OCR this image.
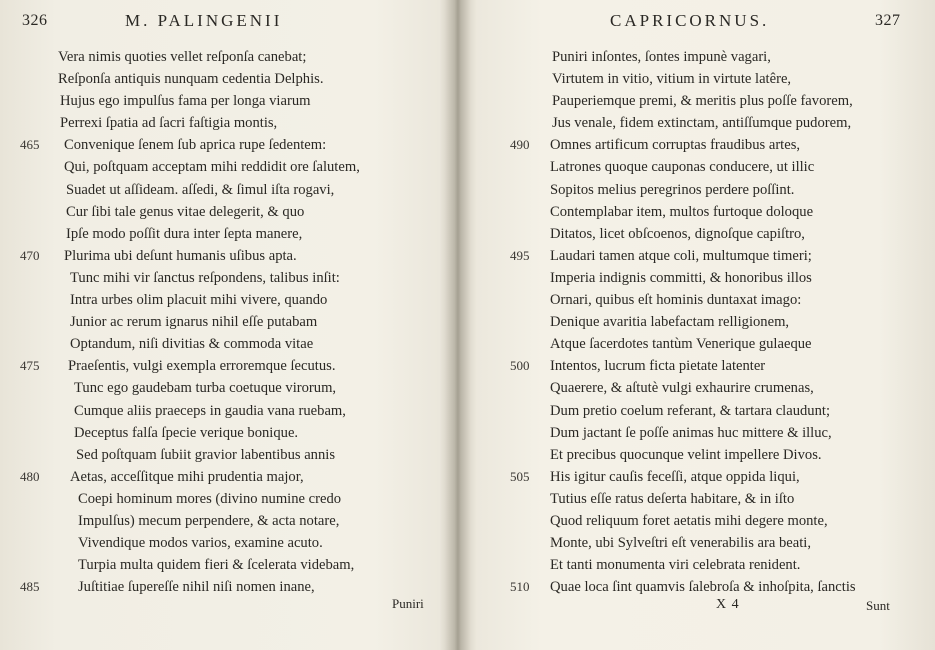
326	M. PALINGENII
Vera nimis quoties vellet reſponſa canebat;
Reſponſa antiquis nunquam cedentia Delphis.
Hujus ego impulſus fama per longa viarum
Perrexi ſpatia ad ſacri faſtigia montis,
465 Convenique ſenem ſub aprica rupe ſedentem:
Qui, poſtquam acceptam mihi reddidit ore ſalutem,
Suadet ut aſſideam. aſſedi, & ſimul iſta rogavi,
Cur ſibi tale genus vitae delegerit, & quo
Ipſe modo poſſit dura inter ſepta manere,
470 Plurima ubi deſunt humanis uſibus apta.
Tunc mihi vir ſanctus reſpondens, talibus inſit:
Intra urbes olim placuit mihi vivere, quando
Junior ac rerum ignarus nihil eſſe putabam
Optandum, niſi divitias & commoda vitae
475 Praeſentis, vulgi exempla erroremque ſecutus.
Tunc ego gaudebam turba coetuque virorum,
Cumque aliis praeceps in gaudia vana ruebam,
Deceptus falſa ſpecie verique bonique.
Sed poſtquam ſubiit gravior labentibus annis
480 Aetas, acceſſitque mihi prudentia major,
Coepi hominum mores (divino numine credo
Impulſus) mecum perpendere, & acta notare,
Vivendique modos varios, examine acuto.
Turpia multa quidem fieri & ſcelerata videbam,
485	Juſtitiae ſupereſſe nihil niſi nomen inane,
Puniri
CAPRICORNUS.	327
Puniri inſontes, ſontes impunè vagari,
Virtutem in vitio, vitium in virtute latêre,
Pauperiemque premi, & meritis plus poſſe favorem,
Jus venale, fidem extinctam, antiſſumque pudorem,
490 Omnes artificum corruptas fraudibus artes,
Latrones quoque cauponas conducere, ut illic
Sopitos melius peregrinos perdere poſſint.
Contemplabar item, multos furtoque doloque
Ditatos, licet obſcoenos, dignoſque capiſtro,
495 Laudari tamen atque coli, multumque timeri;
Imperia indignis committi, & honoribus illos
Ornari, quibus eſt hominis duntaxat imago:
Denique avaritia labefactam relligionem,
Atque ſacerdotes tantùm Venerique gulaeque
500 Intentos, lucrum ficta pietate latenter
Quaerere, & aſtutè vulgi exhaurire crumenas,
Dum pretio coelum referant, & tartara claudunt;
Dum jactant ſe poſſe animas huc mittere & illuc,
Et precibus quocunque velint impellere Divos.
505 His igitur cauſis feceſſi, atque oppida liqui,
Tutius eſſe ratus deſerta habitare, & in iſto
Quod reliquum foret aetatis mihi degere monte,
Monte, ubi Sylveſtri eſt venerabilis ara beati,
Et tanti monumenta viri celebrata renident.
510 Quae loca ſint quamvis ſalebroſa & inhoſpita, ſanctis
X 4	Sunt
